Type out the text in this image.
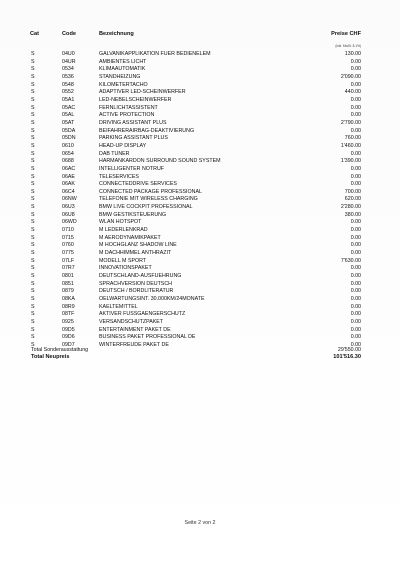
Cat	Code	Bezeichnung	Preise CHF
(inkl. MwSt. 8.1%)
S	04U0	GALVANIKAPPLIKATION FUER BEDIENELEM	130.00
S	04UR	AMBIENTES LICHT	0.00
S	0534	KLIMAAUTOMATIK	0.00
S	0536	STANDHEIZUNG	2'090.00
S	0548	KILOMETERTACHO	0.00
S	0552	ADAPTIVER LED-SCHEINWERFER	440.00
S	05A1	LED-NEBELSCHEINWERFER	0.00
S	05AC	FERNLICHTASSISTENT	0.00
S	05AL	ACTIVE PROTECTION	0.00
S	05AT	DRIVING ASSISTANT PLUS	2'790.00
S	05DA	BEIFAHRERAIRBAG-DEAKTIVIERUNG	0.00
S	05DN	PARKING ASSISTANT PLUS	760.00
S	0610	HEAD-UP DISPLAY	1'460.00
S	0654	DAB TUNER	0.00
S	0688	HARMANKARDON SURROUND SOUND SYSTEM	1'390.00
S	06AC	INTELLIGENTER NOTRUF	0.00
S	06AE	TELESERVICES	0.00
S	06AK	CONNECTEDDRIVE SERVICES	0.00
S	06C4	CONNECTED PACKAGE PROFESSIONAL	700.00
S	06NW	TELEFONIE MIT WIRELESS CHARGING	620.00
S	06U3	BMW LIVE COCKPIT PROFESSIONAL	2'280.00
S	06U8	BMW GESTIKSTEUERUNG	380.00
S	06WD	WLAN HOTSPOT	0.00
S	0710	M LEDERLENKRAD	0.00
S	0715	M AERODYNAMIKPAKET	0.00
S	0760	M HOCHGLANZ SHADOW LINE	0.00
S	0775	M DACHHIMMEL ANTHRAZIT	0.00
S	07LF	MODELL M SPORT	7'630.00
S	07R7	INNOVATIONSPAKET	0.00
S	0801	DEUTSCHLAND-AUSFUEHRUNG	0.00
S	0851	SPRACHVERSION DEUTSCH	0.00
S	0879	DEUTSCH / BORDLITERATUR	0.00
S	08KA	OELWARTUNGSINT. 30.000KM/24MONATE	0.00
S	08R9	KAELTEMITTEL	0.00
S	08TF	AKTIVER FUSSGAENGERSCHUTZ	0.00
S	0925	VERSANDSCHUTZPAKET	0.00
S	09D5	ENTERTAINMENT PAKET DE	0.00
S	09D6	BUSINESS PAKET PROFESSIONAL DE	0.00
S	09D7	WINTERFREUDE PAKET DE	0.00
Total Sonderausstattung	29'550.00
Total Neupreis	101'516.30
Seite 2 von 2
